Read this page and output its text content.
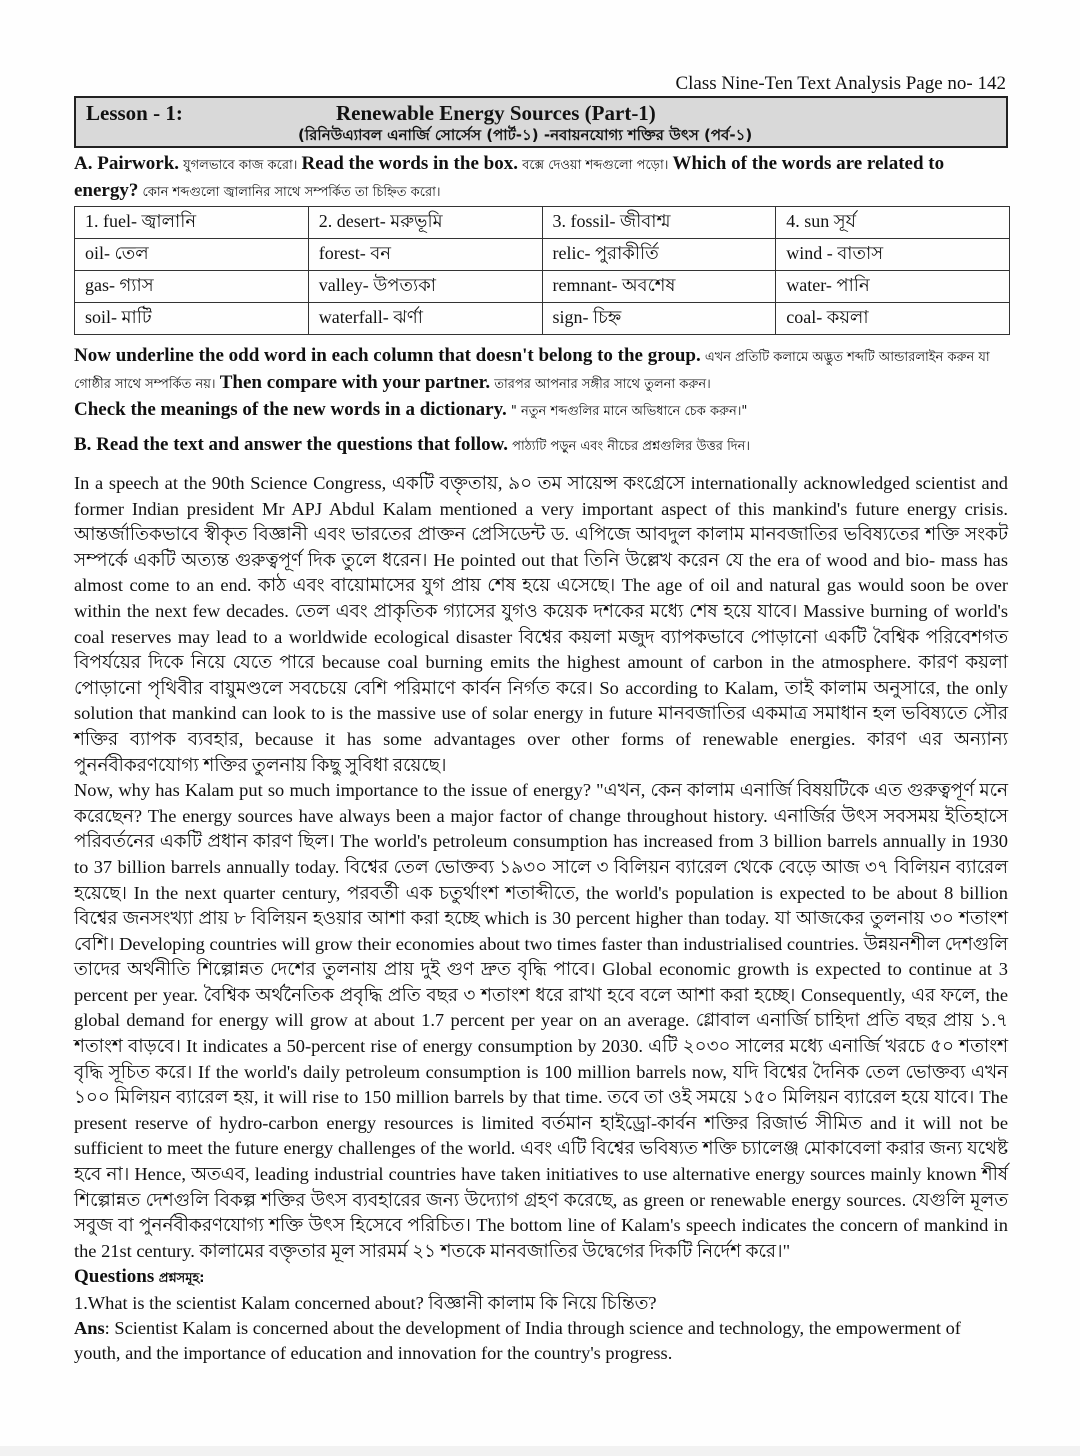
Class Nine-Ten Text Analysis Page no- 142
Lesson - 1:	Renewable Energy Sources (Part-1)
(রিনিউএ্যাবল এনার্জি সোর্সেস (পার্ট-১) -নবায়নযোগ্য শক্তির উৎস (পর্ব-১)

A. Pairwork. যুগলভাবে কাজ করো। Read the words in the box. বক্সে দেওয়া শব্দগুলো পড়ো। Which of the words are related to energy? কোন শব্দগুলো জ্বালানির সাথে সম্পর্কিত তা চিহ্নিত করো।

1. fuel- জ্বালানি	2. desert- মরুভূমি	3. fossil- জীবাশ্ম	4. sun সূর্য
oil- তেল	forest- বন	relic- পুরাকীর্তি	wind - বাতাস
gas- গ্যাস	valley- উপত্যকা	remnant- অবশেষ	water- পানি
soil- মাটি	waterfall- ঝর্ণা	sign- চিহ্ন	coal- কয়লা

Now underline the odd word in each column that doesn't belong to the group. এখন প্রতিটি কলামে অদ্ভুত শব্দটি আন্ডারলাইন করুন যা গোষ্ঠীর সাথে সম্পর্কিত নয়। Then compare with your partner. তারপর আপনার সঙ্গীর সাথে তুলনা করুন।
Check the meanings of the new words in a dictionary. " নতুন শব্দগুলির মানে অভিধানে চেক করুন।"

B. Read the text and answer the questions that follow. পাঠ্যটি পড়ুন এবং নীচের প্রশ্নগুলির উত্তর দিন।

In a speech at the 90th Science Congress, একটি বক্তৃতায়, ৯০ তম সায়েন্স কংগ্রেসে internationally acknowledged scientist and former Indian president Mr APJ Abdul Kalam mentioned a very important aspect of this mankind's future energy crisis. আন্তর্জাতিকভাবে স্বীকৃত বিজ্ঞানী এবং ভারতের প্রাক্তন প্রেসিডেন্ট ড. এপিজে আবদুল কালাম মানবজাতির ভবিষ্যতের শক্তি সংকট সম্পর্কে একটি অত্যন্ত গুরুত্বপূর্ণ দিক তুলে ধরেন। He pointed out that তিনি উল্লেখ করেন যে the era of wood and bio- mass has almost come to an end. কাঠ এবং বায়োমাসের যুগ প্রায় শেষ হয়ে এসেছে। The age of oil and natural gas would soon be over within the next few decades. তেল এবং প্রাকৃতিক গ্যাসের যুগও কয়েক দশকের মধ্যে শেষ হয়ে যাবে। Massive burning of world's coal reserves may lead to a worldwide ecological disaster বিশ্বের কয়লা মজুদ ব্যাপকভাবে পোড়ানো একটি বৈশ্বিক পরিবেশগত বিপর্যয়ের দিকে নিয়ে যেতে পারে because coal burning emits the highest amount of carbon in the atmosphere. কারণ কয়লা পোড়ানো পৃথিবীর বায়ুমণ্ডলে সবচেয়ে বেশি পরিমাণে কার্বন নির্গত করে। So according to Kalam, তাই কালাম অনুসারে, the only solution that mankind can look to is the massive use of solar energy in future মানবজাতির একমাত্র সমাধান হল ভবিষ্যতে সৌর শক্তির ব্যাপক ব্যবহার, because it has some advantages over other forms of renewable energies. কারণ এর অন্যান্য পুনর্নবীকরণযোগ্য শক্তির তুলনায় কিছু সুবিধা রয়েছে।

Now, why has Kalam put so much importance to the issue of energy? "এখন, কেন কালাম এনার্জি বিষয়টিকে এত গুরুত্বপূর্ণ মনে করেছেন? The energy sources have always been a major factor of change throughout history. এনার্জির উৎস সবসময় ইতিহাসে পরিবর্তনের একটি প্রধান কারণ ছিল। The world's petroleum consumption has increased from 3 billion barrels annually in 1930 to 37 billion barrels annually today. বিশ্বের তেল ভোক্তব্য ১৯৩০ সালে ৩ বিলিয়ন ব্যারেল থেকে বেড়ে আজ ৩৭ বিলিয়ন ব্যারেল হয়েছে। In the next quarter century, পরবর্তী এক চতুর্থাংশ শতাব্দীতে, the world's population is expected to be about 8 billion বিশ্বের জনসংখ্যা প্রায় ৮ বিলিয়ন হওয়ার আশা করা হচ্ছে which is 30 percent higher than today. যা আজকের তুলনায় ৩০ শতাংশ বেশি। Developing countries will grow their economies about two times faster than industrialised countries. উন্নয়নশীল দেশগুলি তাদের অর্থনীতি শিল্পোন্নত দেশের তুলনায় প্রায় দুই গুণ দ্রুত বৃদ্ধি পাবে। Global economic growth is expected to continue at 3 percent per year. বৈশ্বিক অর্থনৈতিক প্রবৃদ্ধি প্রতি বছর ৩ শতাংশ ধরে রাখা হবে বলে আশা করা হচ্ছে। Consequently, এর ফলে, the global demand for energy will grow at about 1.7 percent per year on an average. গ্লোবাল এনার্জি চাহিদা প্রতি বছর প্রায় ১.৭ শতাংশ বাড়বে। It indicates a 50-percent rise of energy consumption by 2030. এটি ২০৩০ সালের মধ্যে এনার্জি খরচে ৫০ শতাংশ বৃদ্ধি সূচিত করে। If the world's daily petroleum consumption is 100 million barrels now, যদি বিশ্বের দৈনিক তেল ভোক্তব্য এখন ১০০ মিলিয়ন ব্যারেল হয়, it will rise to 150 million barrels by that time. তবে তা ওই সময়ে ১৫০ মিলিয়ন ব্যারেল হয়ে যাবে। The present reserve of hydro-carbon energy resources is limited বর্তমান হাইড্রো-কার্বন শক্তির রিজার্ভ সীমিত and it will not be sufficient to meet the future energy challenges of the world. এবং এটি বিশ্বের ভবিষ্যত শক্তি চ্যালেঞ্জ মোকাবেলা করার জন্য যথেষ্ট হবে না। Hence, অতএব, leading industrial countries have taken initiatives to use alternative energy sources mainly known শীর্ষ শিল্পোন্নত দেশগুলি বিকল্প শক্তির উৎস ব্যবহারের জন্য উদ্যোগ গ্রহণ করেছে, as green or renewable energy sources. যেগুলি মূলত সবুজ বা পুনর্নবীকরণযোগ্য শক্তি উৎস হিসেবে পরিচিত। The bottom line of Kalam's speech indicates the concern of mankind in the 21st century. কালামের বক্তৃতার মূল সারমর্ম ২১ শতকে মানবজাতির উদ্বেগের দিকটি নির্দেশ করে।"

Questions প্রশ্নসমূহ:

1.What is the scientist Kalam concerned about? বিজ্ঞানী কালাম কি নিয়ে চিন্তিত?

Ans: Scientist Kalam is concerned about the development of India through science and technology, the empowerment of youth, and the importance of education and innovation for the country's progress.
